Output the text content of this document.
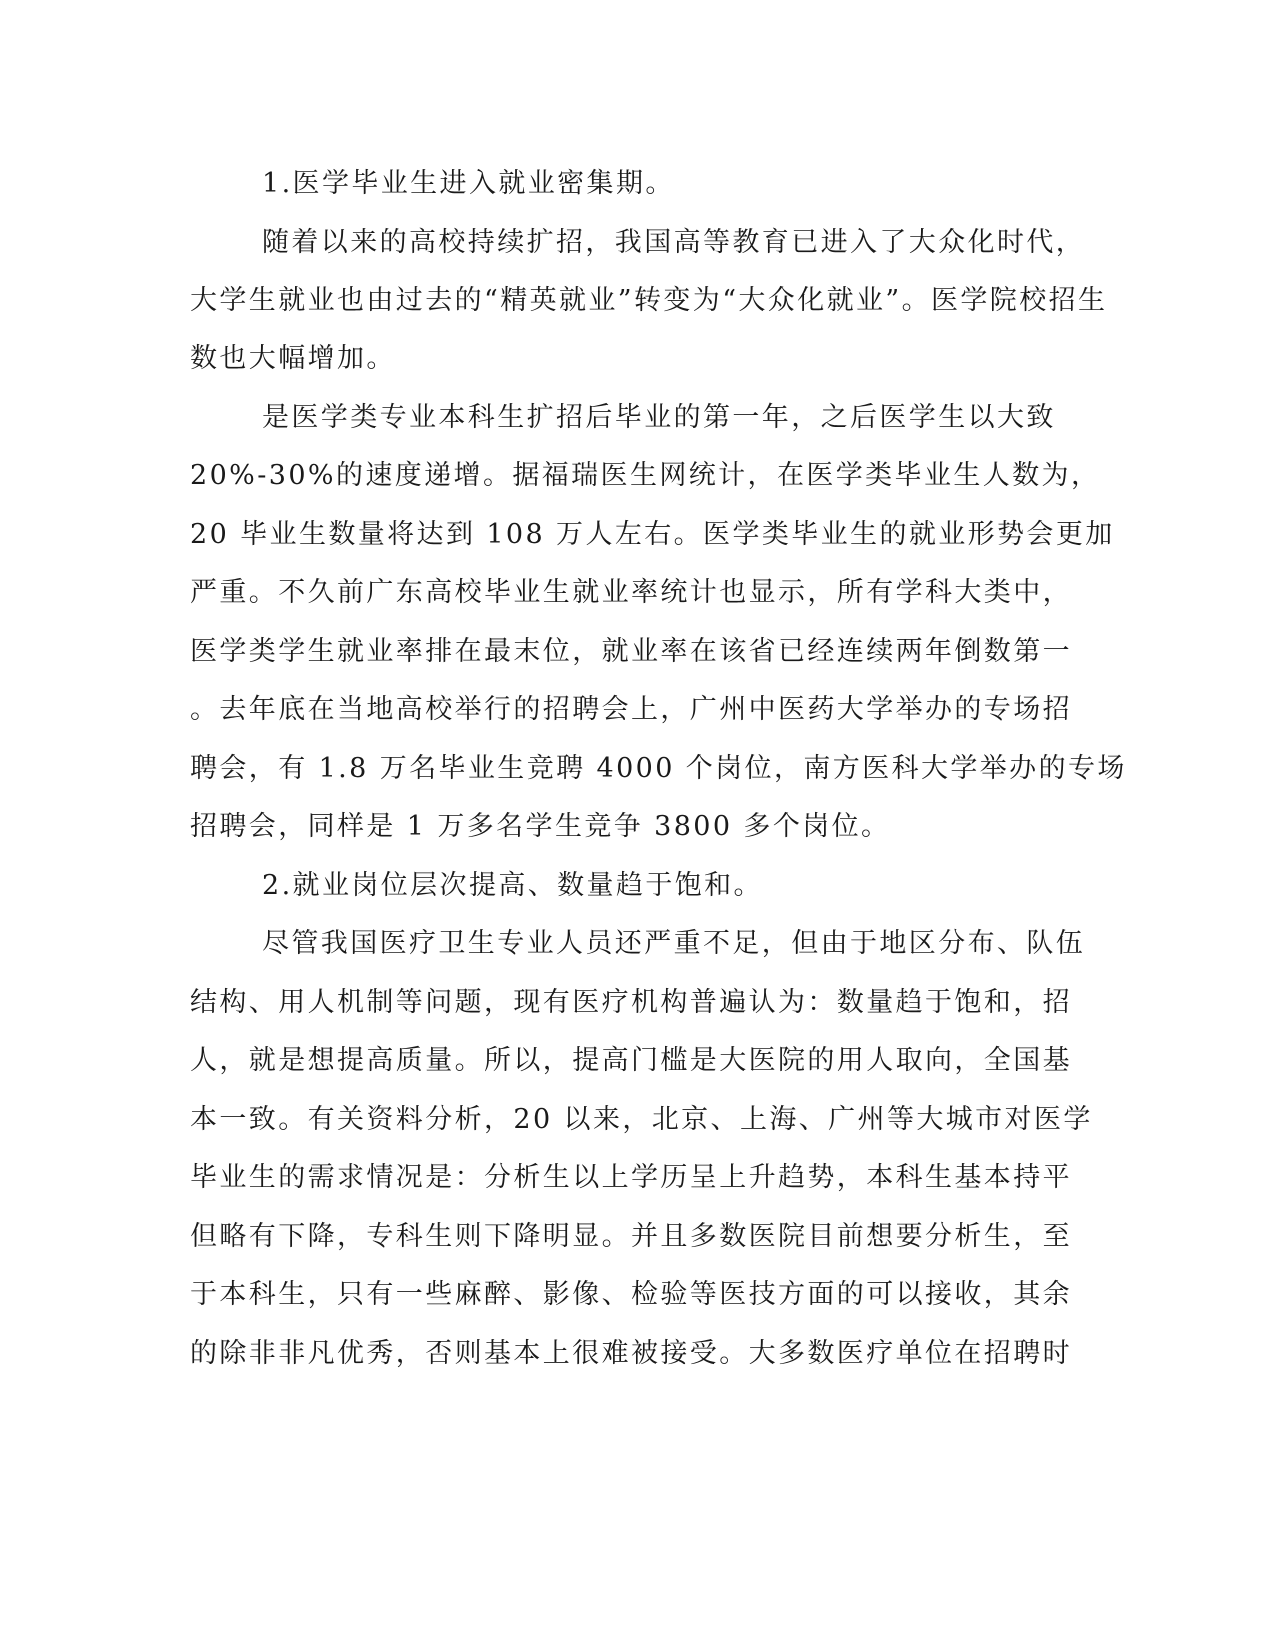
1.医学毕业生进入就业密集期。
随着以来的高校持续扩招，我国高等教育已进入了大众化时代，
大学生就业也由过去的“精英就业”转变为“大众化就业”。医学院校招生
数也大幅增加。
是医学类专业本科生扩招后毕业的第一年，之后医学生以大致
20%-30%的速度递增。据福瑞医生网统计，在医学类毕业生人数为，
20 毕业生数量将达到 108 万人左右。医学类毕业生的就业形势会更加
严重。不久前广东高校毕业生就业率统计也显示，所有学科大类中，
医学类学生就业率排在最末位，就业率在该省已经连续两年倒数第一
。去年底在当地高校举行的招聘会上，广州中医药大学举办的专场招
聘会，有 1.8 万名毕业生竞聘 4000 个岗位，南方医科大学举办的专场
招聘会，同样是 1 万多名学生竞争 3800 多个岗位。
2.就业岗位层次提高、数量趋于饱和。
尽管我国医疗卫生专业人员还严重不足，但由于地区分布、队伍
结构、用人机制等问题，现有医疗机构普遍认为：数量趋于饱和，招
人，就是想提高质量。所以，提高门槛是大医院的用人取向，全国基
本一致。有关资料分析，20 以来，北京、上海、广州等大城市对医学
毕业生的需求情况是：分析生以上学历呈上升趋势，本科生基本持平
但略有下降，专科生则下降明显。并且多数医院目前想要分析生，至
于本科生，只有一些麻醉、影像、检验等医技方面的可以接收，其余
的除非非凡优秀，否则基本上很难被接受。大多数医疗单位在招聘时
